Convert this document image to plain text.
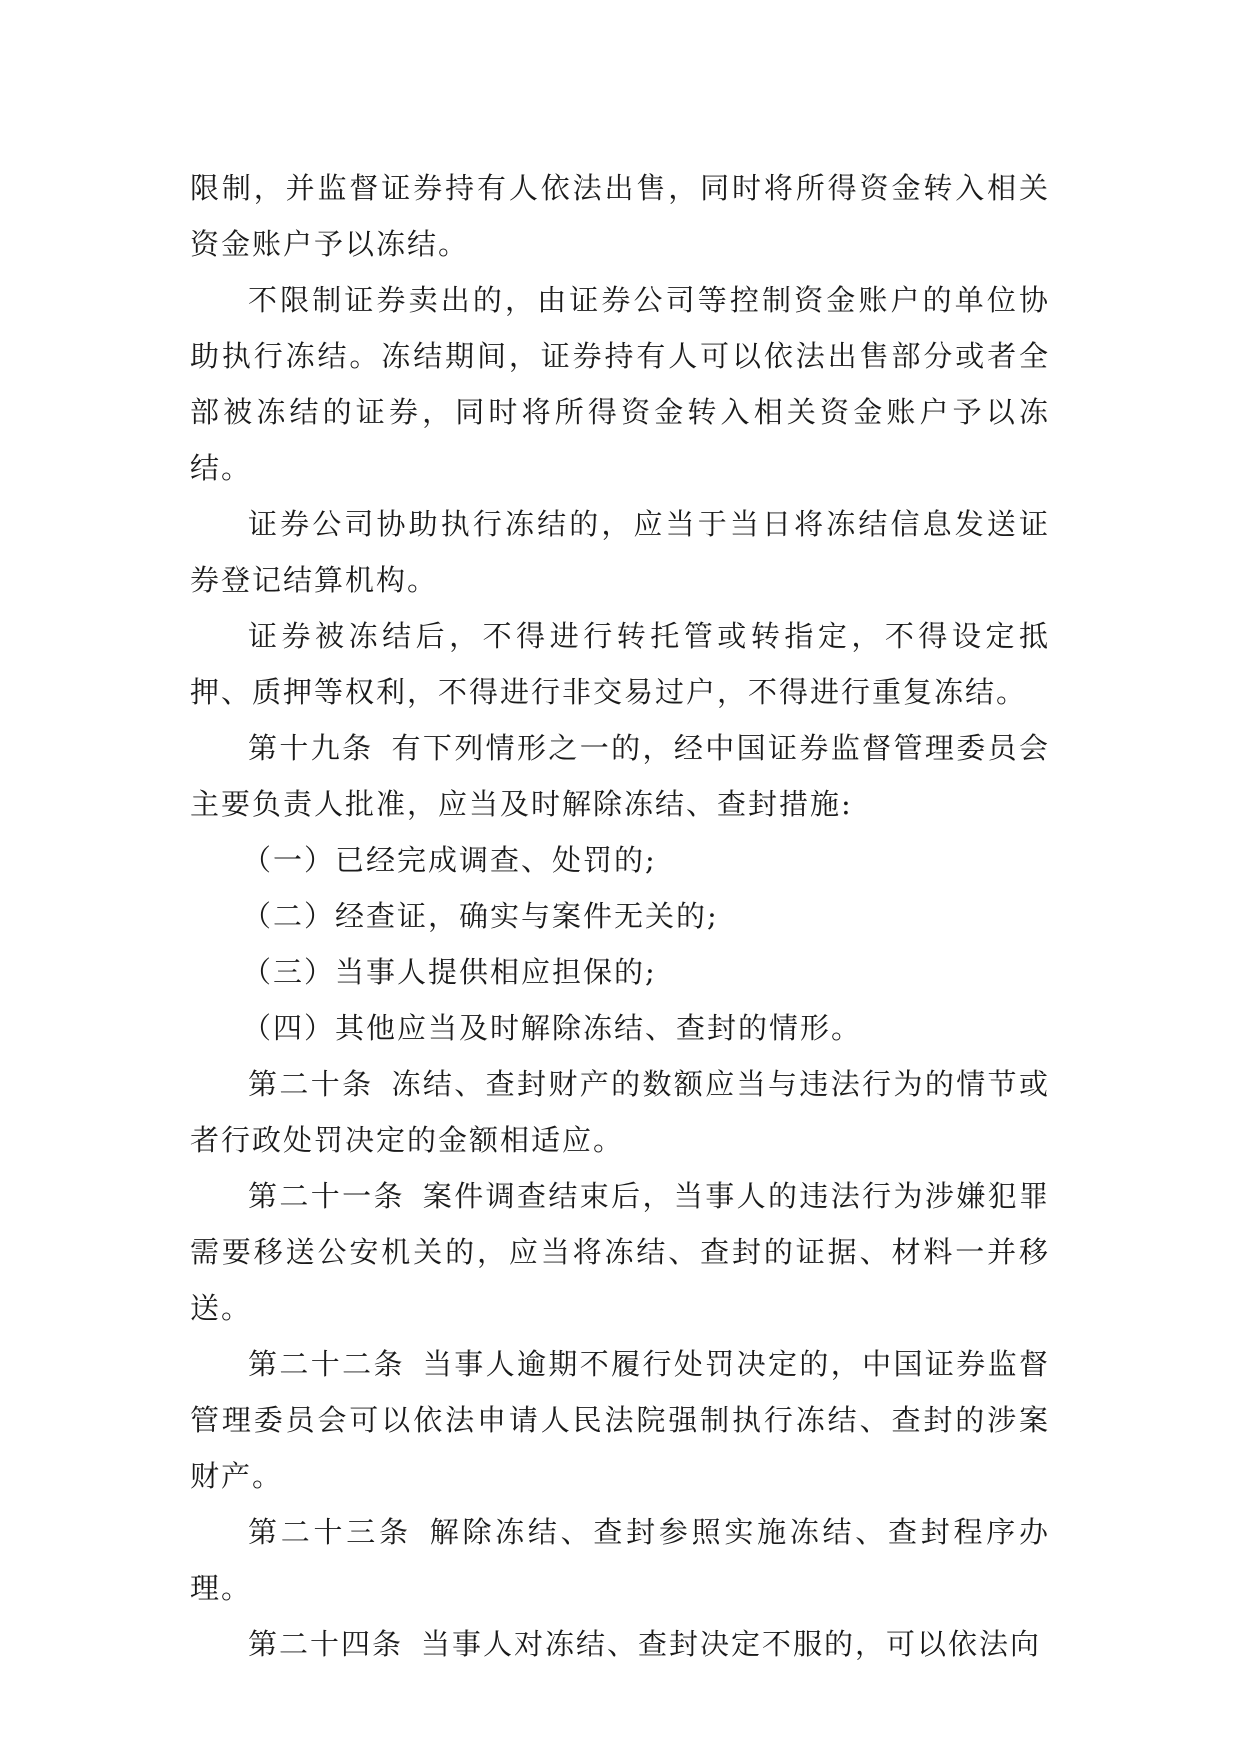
限制，并监督证券持有人依法出售，同时将所得资金转入相关资金账户予以冻结。

不限制证券卖出的，由证券公司等控制资金账户的单位协助执行冻结。冻结期间，证券持有人可以依法出售部分或者全部被冻结的证券，同时将所得资金转入相关资金账户予以冻结。

证券公司协助执行冻结的，应当于当日将冻结信息发送证券登记结算机构。

证券被冻结后，不得进行转托管或转指定，不得设定抵押、质押等权利，不得进行非交易过户，不得进行重复冻结。

第十九条 有下列情形之一的，经中国证券监督管理委员会主要负责人批准，应当及时解除冻结、查封措施:

（一）已经完成调查、处罚的;

（二）经查证，确实与案件无关的;

（三）当事人提供相应担保的;

（四）其他应当及时解除冻结、查封的情形。

第二十条 冻结、查封财产的数额应当与违法行为的情节或者行政处罚决定的金额相适应。

第二十一条 案件调查结束后，当事人的违法行为涉嫌犯罪需要移送公安机关的，应当将冻结、查封的证据、材料一并移送。

第二十二条 当事人逾期不履行处罚决定的，中国证券监督管理委员会可以依法申请人民法院强制执行冻结、查封的涉案财产。

第二十三条 解除冻结、查封参照实施冻结、查封程序办理。

第二十四条 当事人对冻结、查封决定不服的，可以依法向
